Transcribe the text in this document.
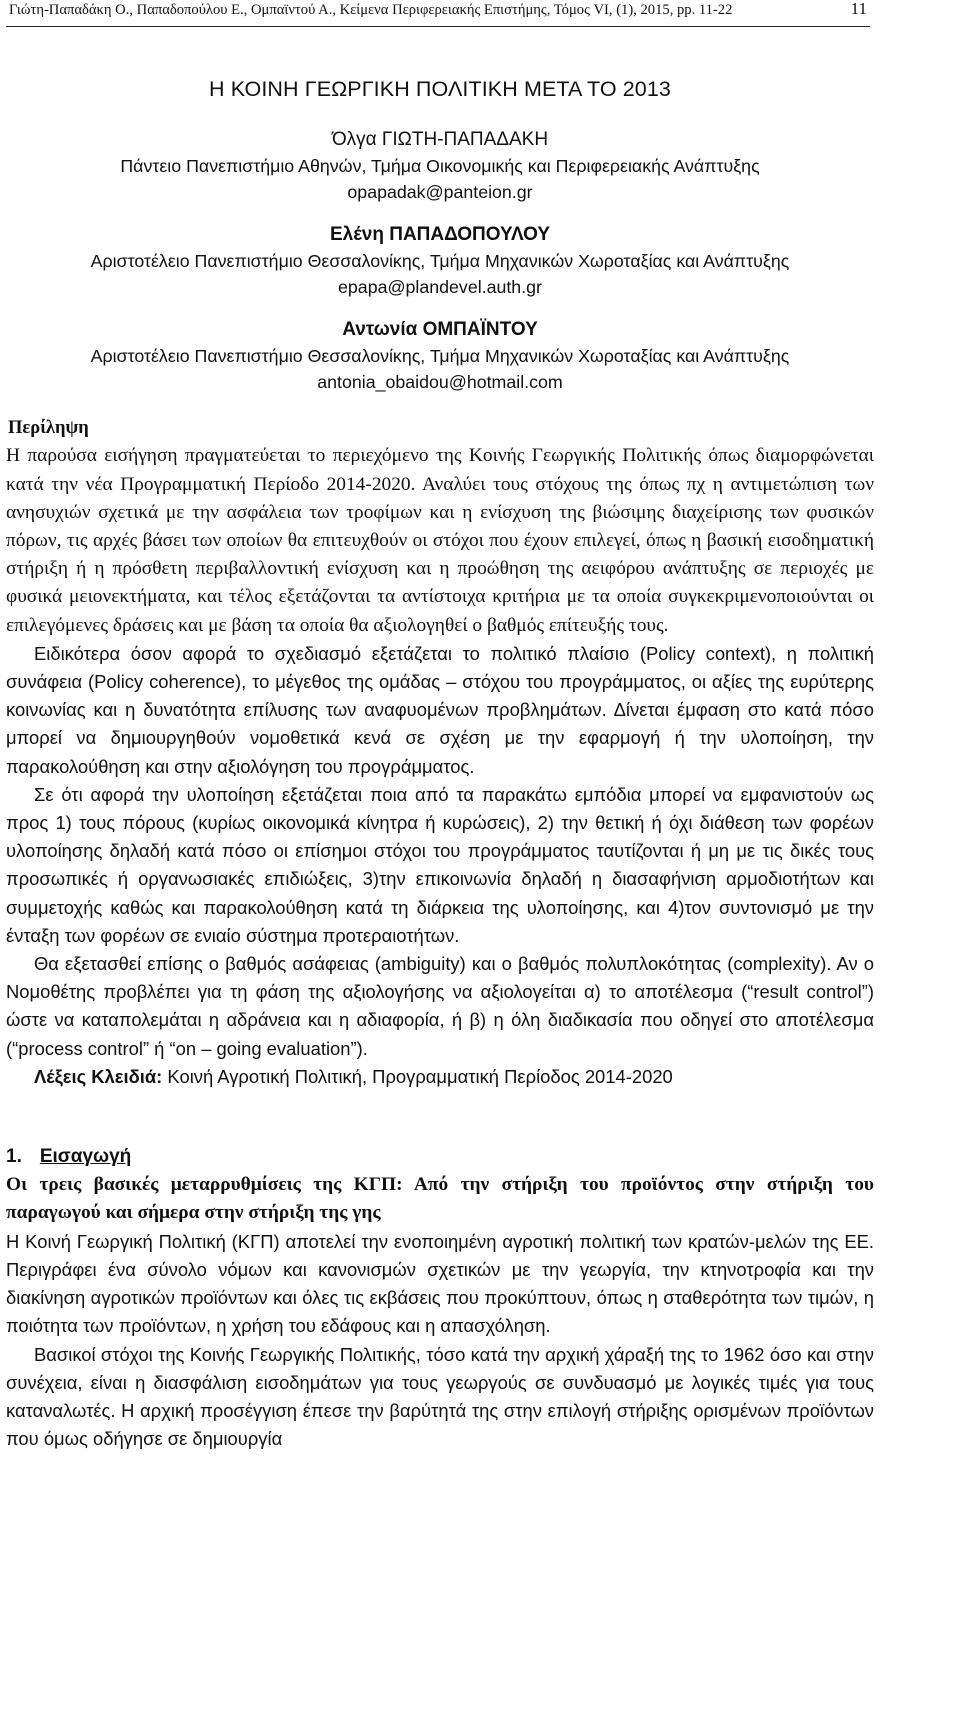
Γιώτη-Παπαδάκη Ο., Παπαδοπούλου Ε., Ομπαϊντού Α., Κείμενα Περιφερειακής Επιστήμης, Τόμος VI, (1), 2015, pp. 11-22	11
Η ΚΟΙΝΗ ΓΕΩΡΓΙΚΗ ΠΟΛΙΤΙΚΗ ΜΕΤΑ ΤΟ 2013
Όλγα ΓΙΩΤΗ-ΠΑΠΑΔΑΚΗ
Πάντειο Πανεπιστήμιο Αθηνών, Τμήμα Οικονομικής και Περιφερειακής Ανάπτυξης
opapadak@panteion.gr
Ελένη ΠΑΠΑΔΟΠΟΥΛΟΥ
Αριστοτέλειο Πανεπιστήμιο Θεσσαλονίκης, Τμήμα Μηχανικών Χωροταξίας και Ανάπτυξης
epapa@plandevel.auth.gr
Αντωνία ΟΜΠΑΪΝΤΟΥ
Αριστοτέλειο Πανεπιστήμιο Θεσσαλονίκης, Τμήμα Μηχανικών Χωροταξίας και Ανάπτυξης
antonia_obaidou@hotmail.com
Περίληψη

Η παρούσα εισήγηση πραγματεύεται το περιεχόμενο της Κοινής Γεωργικής Πολιτικής όπως διαμορφώνεται κατά την νέα Προγραμματική Περίοδο 2014-2020. Αναλύει τους στόχους της όπως πχ η αντιμετώπιση των ανησυχιών σχετικά με την ασφάλεια των τροφίμων και η ενίσχυση της βιώσιμης διαχείρισης των φυσικών πόρων, τις αρχές βάσει των οποίων θα επιτευχθούν οι στόχοι που έχουν επιλεγεί, όπως η βασική εισοδηματική στήριξη ή η πρόσθετη περιβαλλοντική ενίσχυση και η προώθηση της αειφόρου ανάπτυξης σε περιοχές με φυσικά μειονεκτήματα, και τέλος εξετάζονται τα αντίστοιχα κριτήρια με τα οποία συγκεκριμενοποιούνται οι επιλεγόμενες δράσεις και με βάση τα οποία θα αξιολογηθεί ο βαθμός επίτευξής τους.

Ειδικότερα όσον αφορά το σχεδιασμό εξετάζεται το πολιτικό πλαίσιο (Policy context), η πολιτική συνάφεια (Policy coherence), το μέγεθος της ομάδας – στόχου του προγράμματος, οι αξίες της ευρύτερης κοινωνίας και η δυνατότητα επίλυσης των αναφυομένων προβλημάτων. Δίνεται έμφαση στο κατά πόσο μπορεί να δημιουργηθούν νομοθετικά κενά σε σχέση με την εφαρμογή ή την υλοποίηση, την παρακολούθηση και στην αξιολόγηση του προγράμματος.

Σε ότι αφορά την υλοποίηση εξετάζεται ποια από τα παρακάτω εμπόδια μπορεί να εμφανιστούν ως προς 1) τους πόρους (κυρίως οικονομικά κίνητρα ή κυρώσεις), 2) την θετική ή όχι διάθεση των φορέων υλοποίησης δηλαδή κατά πόσο οι επίσημοι στόχοι του προγράμματος ταυτίζονται ή μη με τις δικές τους προσωπικές ή οργανωσιακές επιδιώξεις, 3)την επικοινωνία δηλαδή η διασαφήνιση αρμοδιοτήτων και συμμετοχής καθώς και παρακολούθηση κατά τη διάρκεια της υλοποίησης, και 4)τον συντονισμό με την ένταξη των φορέων σε ενιαίο σύστημα προτεραιοτήτων.

Θα εξετασθεί επίσης ο βαθμός ασάφειας (ambiguity) και ο βαθμός πολυπλοκότητας (complexity). Αν ο Νομοθέτης προβλέπει για τη φάση της αξιολογήσης να αξιολογείται α) το αποτέλεσμα (“result control”) ώστε να καταπολεμάται η αδράνεια και η αδιαφορία, ή β) η όλη διαδικασία που οδηγεί στο αποτέλεσμα (“process control” ή “on – going evaluation”).

Λέξεις Κλειδιά: Κοινή Αγροτική Πολιτική, Προγραμματική Περίοδος 2014-2020
1. Εισαγωγή

Οι τρεις βασικές μεταρρυθμίσεις της ΚΓΠ: Από την στήριξη του προϊόντος στην στήριξη του παραγωγού και σήμερα στην στήριξη της γης

Η Κοινή Γεωργική Πολιτική (ΚΓΠ) αποτελεί την ενοποιημένη αγροτική πολιτική των κρατών-μελών της ΕΕ. Περιγράφει ένα σύνολο νόμων και κανονισμών σχετικών με την γεωργία, την κτηνοτροφία και την διακίνηση αγροτικών προϊόντων και όλες τις εκβάσεις που προκύπτουν, όπως η σταθερότητα των τιμών, η ποιότητα των προϊόντων, η χρήση του εδάφους και η απασχόληση.

Βασικοί στόχοι της Κοινής Γεωργικής Πολιτικής, τόσο κατά την αρχική χάραξή της το 1962 όσο και στην συνέχεια, είναι η διασφάλιση εισοδημάτων για τους γεωργούς σε συνδυασμό με λογικές τιμές για τους καταναλωτές. Η αρχική προσέγγιση έπεσε την βαρύτητά της στην επιλογή στήριξης ορισμένων προϊόντων που όμως οδήγησε σε δημιουργία
